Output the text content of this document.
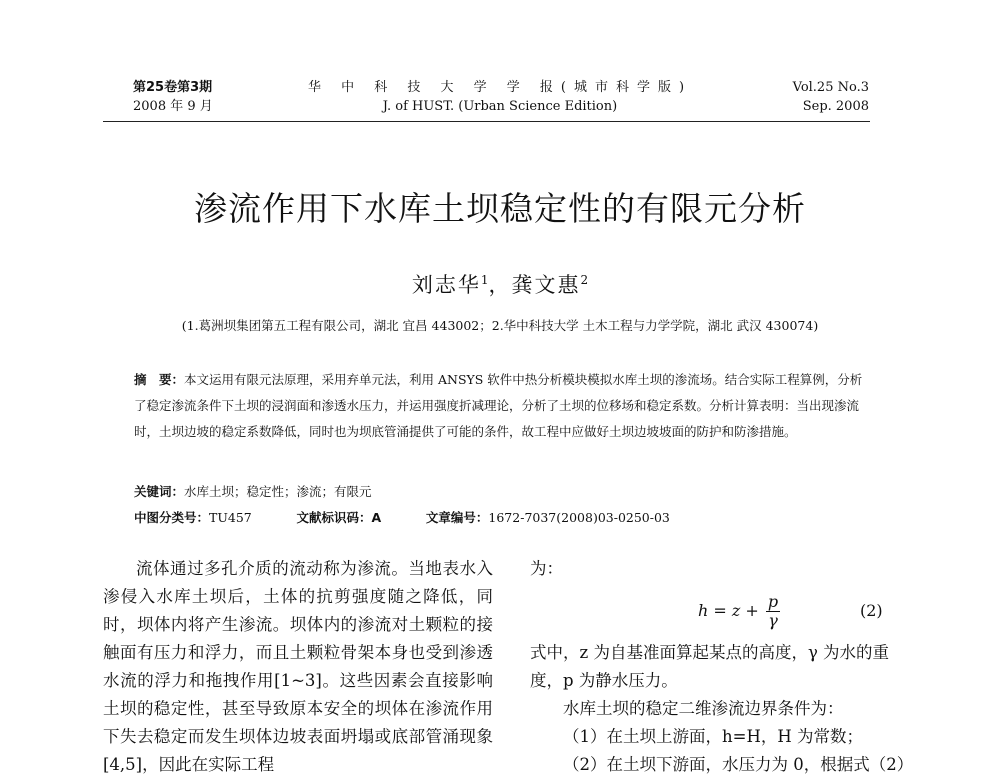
第25卷第3期
2008 年 9 月
华 中 科 技 大 学 学 报(城市科学版)
J. of HUST. (Urban Science Edition)
Vol.25 No.3
Sep. 2008
渗流作用下水库土坝稳定性的有限元分析
刘志华$^1$，龚文惠$^2$
(1.葛洲坝集团第五工程有限公司，湖北 宜昌 443002；2.华中科技大学 土木工程与力学学院，湖北 武汉 430074)
摘　要：本文运用有限元法原理，采用弃单元法，利用 ANSYS 软件中热分析模块模拟水库土坝的渗流场。结合实际工程算例，分析了稳定渗流条件下土坝的浸润面和渗透水压力，并运用强度折减理论，分析了土坝的位移场和稳定系数。分析计算表明：当出现渗流时，土坝边坡的稳定系数降低，同时也为坝底管涌提供了可能的条件，故工程中应做好土坝边坡坡面的防护和防渗措施。
关键词：水库土坝；稳定性；渗流；有限元
中图分类号：TU457	文献标识码：A	文章编号：1672-7037(2008)03-0250-03

流体通过多孔介质的流动称为渗流。当地表水入渗侵入水库土坝后，土体的抗剪强度随之降低，同时，坝体内将产生渗流。坝体内的渗流对土颗粒的接触面有压力和浮力，而且土颗粒骨架本身也受到渗透水流的浮力和拖拽作用[1~3]。这些因素会直接影响土坝的稳定性，甚至导致原本安全的坝体在渗流作用下失去稳定而发生坝体边坡表面坍塌或底部管涌现象[4,5]，因此在实际工程

为：

$h = z + \frac{p}{\gamma}$	(2)

式中，z 为自基准面算起某点的高度，γ 为水的重度，p 为静水压力。

水库土坝的稳定二维渗流边界条件为：

（1）在土坝上游面，h=H，H 为常数；

（2）在土坝下游面，水压力为 0，根据式（2）
